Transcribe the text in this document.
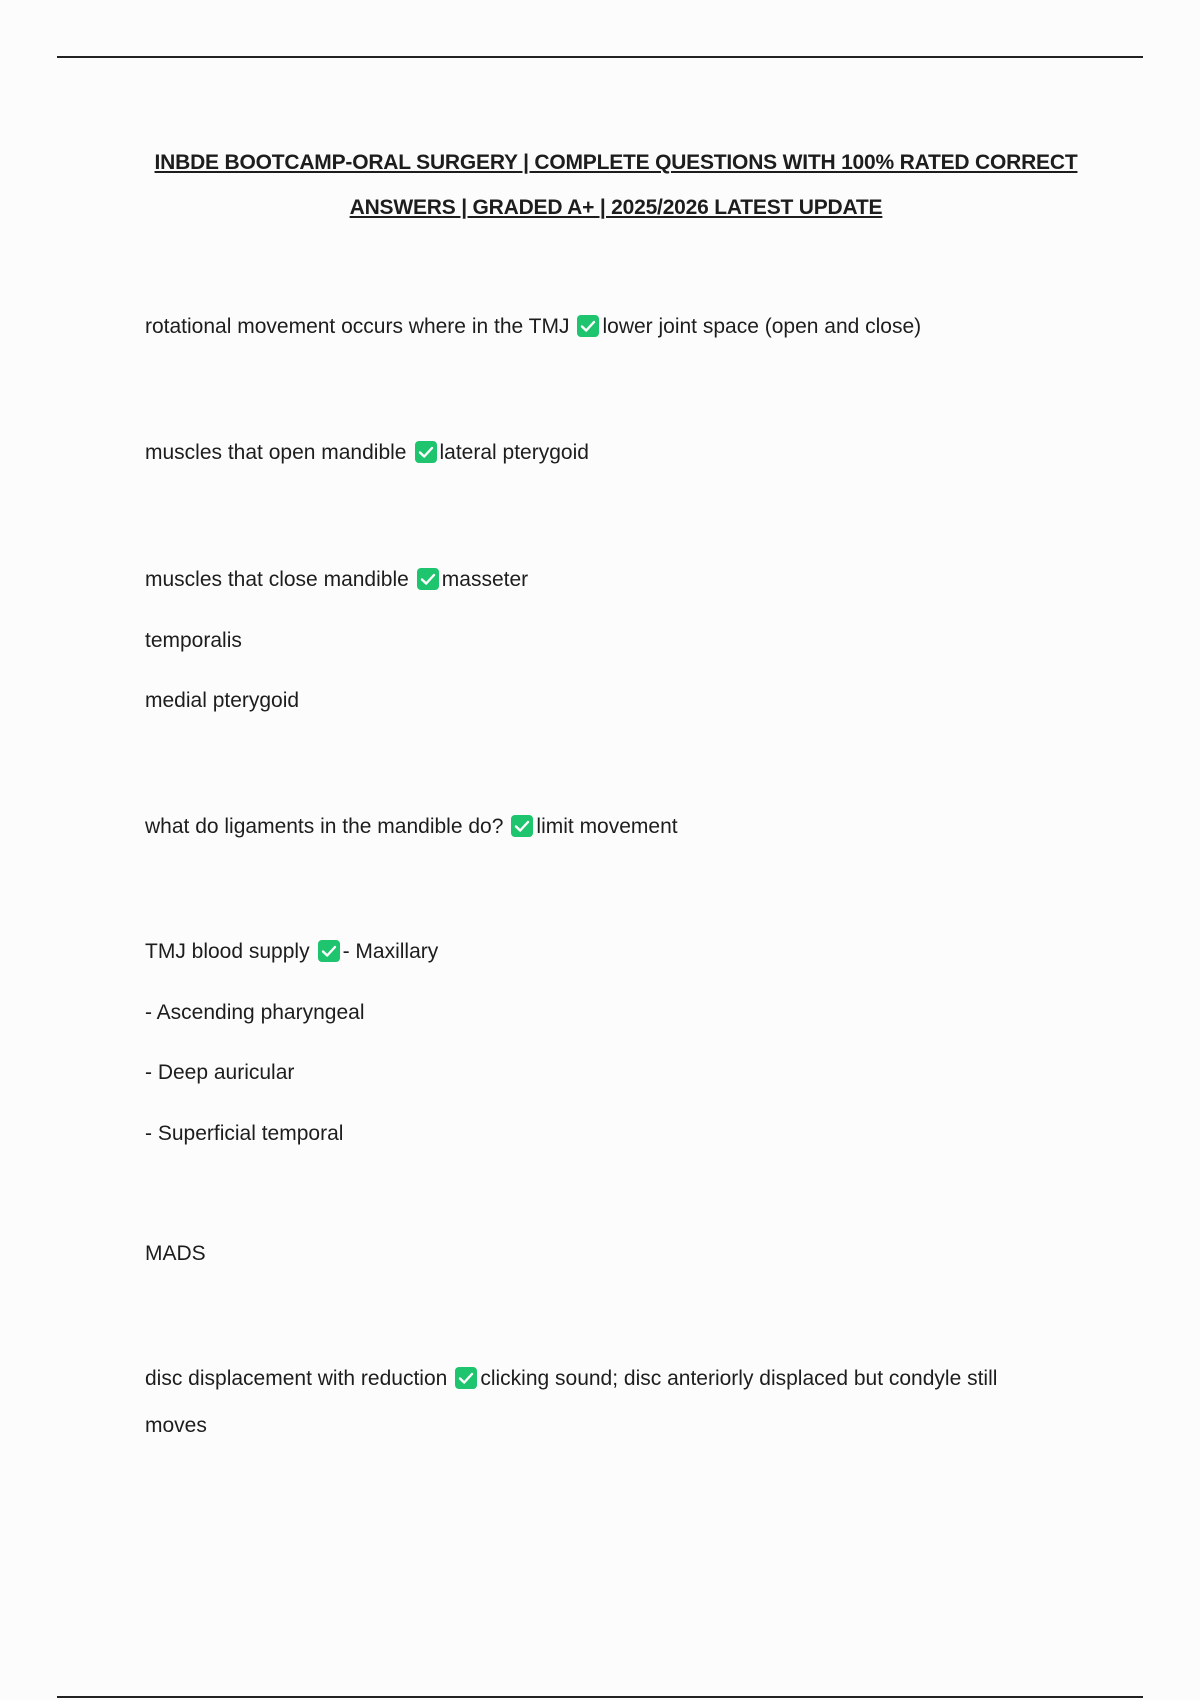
INBDE BOOTCAMP-ORAL SURGERY | COMPLETE QUESTIONS WITH 100% RATED CORRECT ANSWERS | GRADED A+ | 2025/2026 LATEST UPDATE
rotational movement occurs where in the TMJ lower joint space (open and close)
muscles that open mandible lateral pterygoid
muscles that close mandible masseter
temporalis
medial pterygoid
what do ligaments in the mandible do? limit movement
TMJ blood supply - Maxillary
- Ascending pharyngeal
- Deep auricular
- Superficial temporal
MADS
disc displacement with reduction clicking sound; disc anteriorly displaced but condyle still
moves
